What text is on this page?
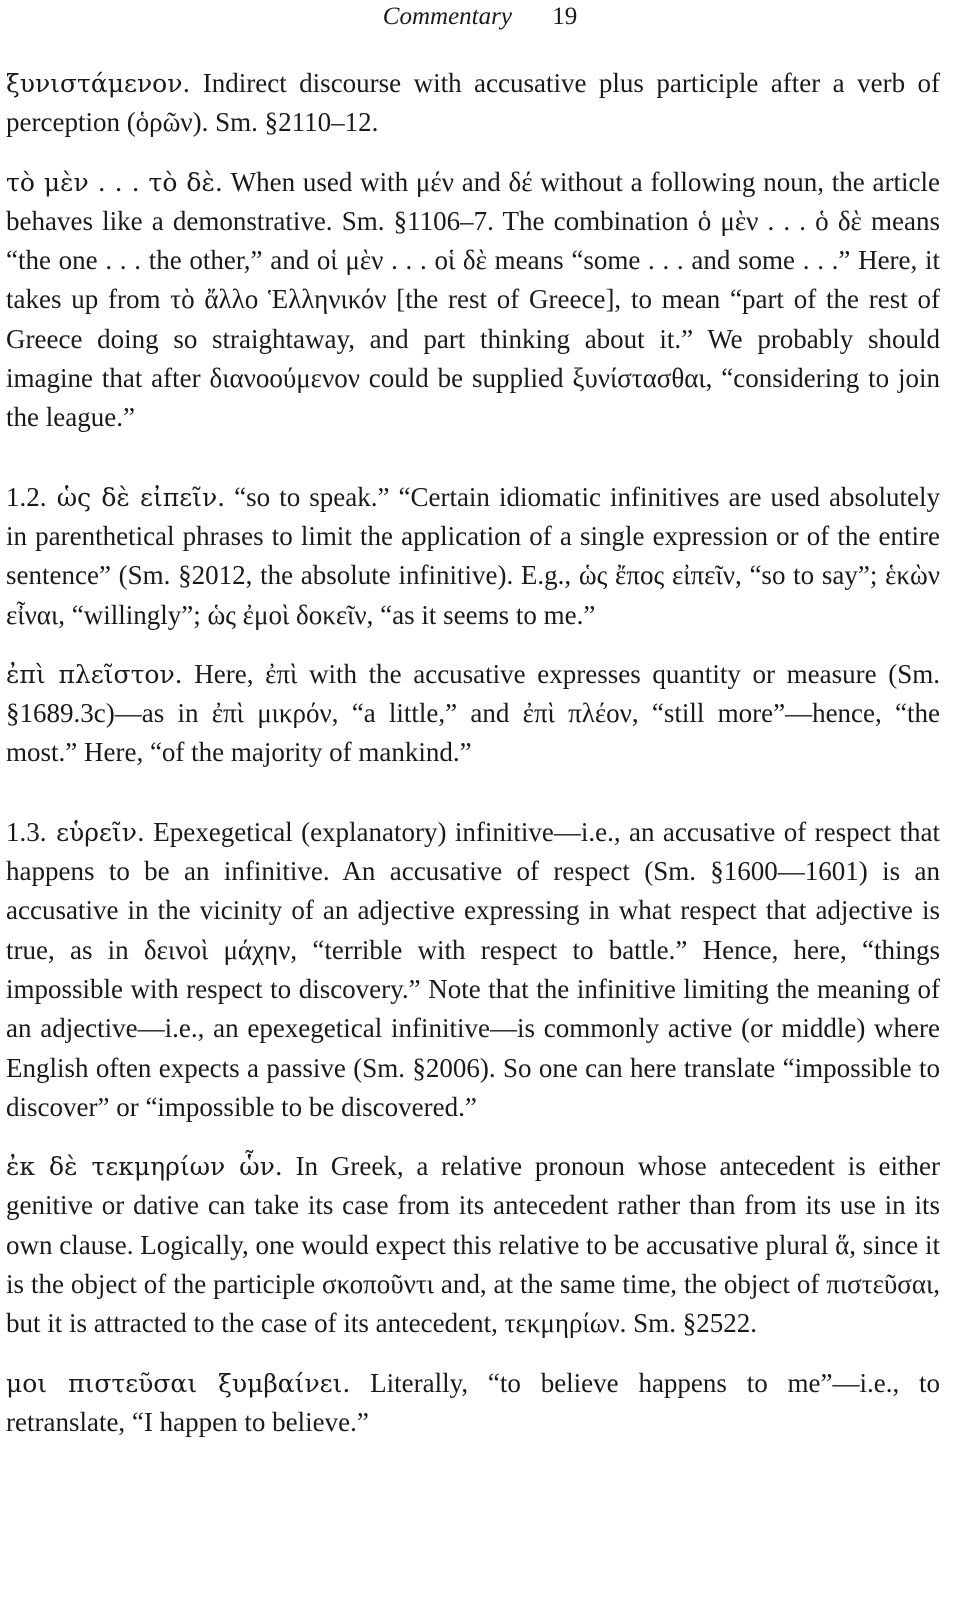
Commentary 19

ξυνιστάμενον. Indirect discourse with accusative plus participle after a verb of perception (ὁρῶν). Sm. §2110–12.

τὸ μὲν . . . τὸ δὲ. When used with μέν and δέ without a following noun, the article behaves like a demonstrative. Sm. §1106–7. The combination ὁ μὲν . . . ὁ δὲ means “the one . . . the other,” and οἱ μὲν . . . οἱ δὲ means “some . . . and some . . .” Here, it takes up from τὸ ἄλλο Ἑλληνικόν [the rest of Greece], to mean “part of the rest of Greece doing so straightaway, and part thinking about it.” We probably should imagine that after διανοούμενον could be supplied ξυνίστασθαι, “considering to join the league.”

1.2. ὡς δὲ εἰπεῖν. “so to speak.” “Certain idiomatic infinitives are used absolutely in parenthetical phrases to limit the application of a single expression or of the entire sentence” (Sm. §2012, the absolute infinitive). E.g., ὡς ἔπος εἰπεῖν, “so to say”; ἑκὼν εἶναι, “willingly”; ὡς ἐμοὶ δοκεῖν, “as it seems to me.”

ἐπὶ πλεῖστον. Here, ἐπὶ with the accusative expresses quantity or measure (Sm. §1689.3c)—as in ἐπὶ μικρόν, “a little,” and ἐπὶ πλέον, “still more”—hence, “the most.” Here, “of the majority of mankind.”

1.3. εὑρεῖν. Epexegetical (explanatory) infinitive—i.e., an accusative of respect that happens to be an infinitive. An accusative of respect (Sm. §1600—1601) is an accusative in the vicinity of an adjective expressing in what respect that adjective is true, as in δεινοὶ μάχην, “terrible with respect to battle.” Hence, here, “things impossible with respect to discovery.” Note that the infinitive limiting the meaning of an adjective—i.e., an epexegetical infinitive—is commonly active (or middle) where English often expects a passive (Sm. §2006). So one can here translate “impossible to discover” or “impossible to be discovered.”

ἐκ δὲ τεκμηρίων ὧν. In Greek, a relative pronoun whose antecedent is either genitive or dative can take its case from its antecedent rather than from its use in its own clause. Logically, one would expect this relative to be accusative plural ἅ, since it is the object of the participle σκοποῦντι and, at the same time, the object of πιστεῦσαι, but it is attracted to the case of its antecedent, τεκμηρίων. Sm. §2522.

μοι πιστεῦσαι ξυμβαίνει. Literally, “to believe happens to me”—i.e., to retranslate, “I happen to believe.”
